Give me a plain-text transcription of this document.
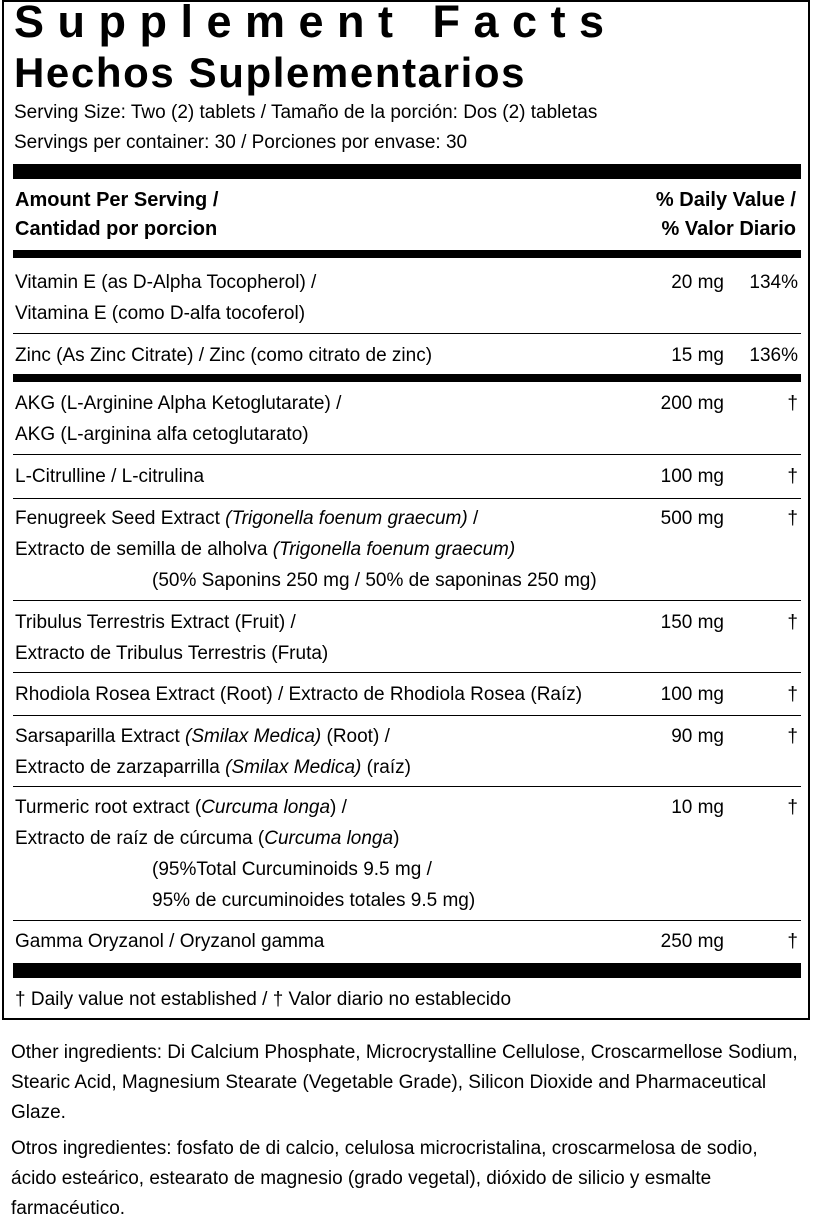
Supplement Facts
Hechos Suplementarios
Serving Size: Two (2) tablets / Tamaño de la porción: Dos (2) tabletas
Servings per container: 30 / Porciones por envase: 30
Amount Per Serving /
Cantidad por porcion
% Daily Value /
% Valor Diario
Vitamin E (as D-Alpha Tocopherol) /
Vitamina E (como D-alfa tocoferol)
20 mg 134%
Zinc (As Zinc Citrate) / Zinc (como citrato de zinc)	15 mg 136%
AKG (L-Arginine Alpha Ketoglutarate) /
AKG (L-arginina alfa cetoglutarato)
200 mg	†
L-Citrulline / L-citrulina	100 mg	†
Fenugreek Seed Extract (Trigonella foenum graecum) /
Extracto de semilla de alholva (Trigonella foenum graecum)
(50% Saponins 250 mg / 50% de saponinas 250 mg)
500 mg	†
Tribulus Terrestris Extract (Fruit) /
Extracto de Tribulus Terrestris (Fruta)
150 mg	†
Rhodiola Rosea Extract (Root) / Extracto de Rhodiola Rosea (Raíz)	100 mg	†
Sarsaparilla Extract (Smilax Medica) (Root) /
Extracto de zarzaparrilla (Smilax Medica) (raíz)
90 mg	†
Turmeric root extract (Curcuma longa) /
Extracto de raíz de cúrcuma (Curcuma longa)
(95%Total Curcuminoids 9.5 mg /
95% de curcuminoides totales 9.5 mg)
10 mg	†
Gamma Oryzanol / Oryzanol gamma	250 mg	†
† Daily value not established / † Valor diario no establecido
Other ingredients: Di Calcium Phosphate, Microcrystalline Cellulose, Croscarmellose Sodium, Stearic Acid, Magnesium Stearate (Vegetable Grade), Silicon Dioxide and Pharmaceutical Glaze.
Otros ingredientes: fosfato de di calcio, celulosa microcristalina, croscarmelosa de sodio, ácido esteárico, estearato de magnesio (grado vegetal), dióxido de silicio y esmalte farmacéutico.
